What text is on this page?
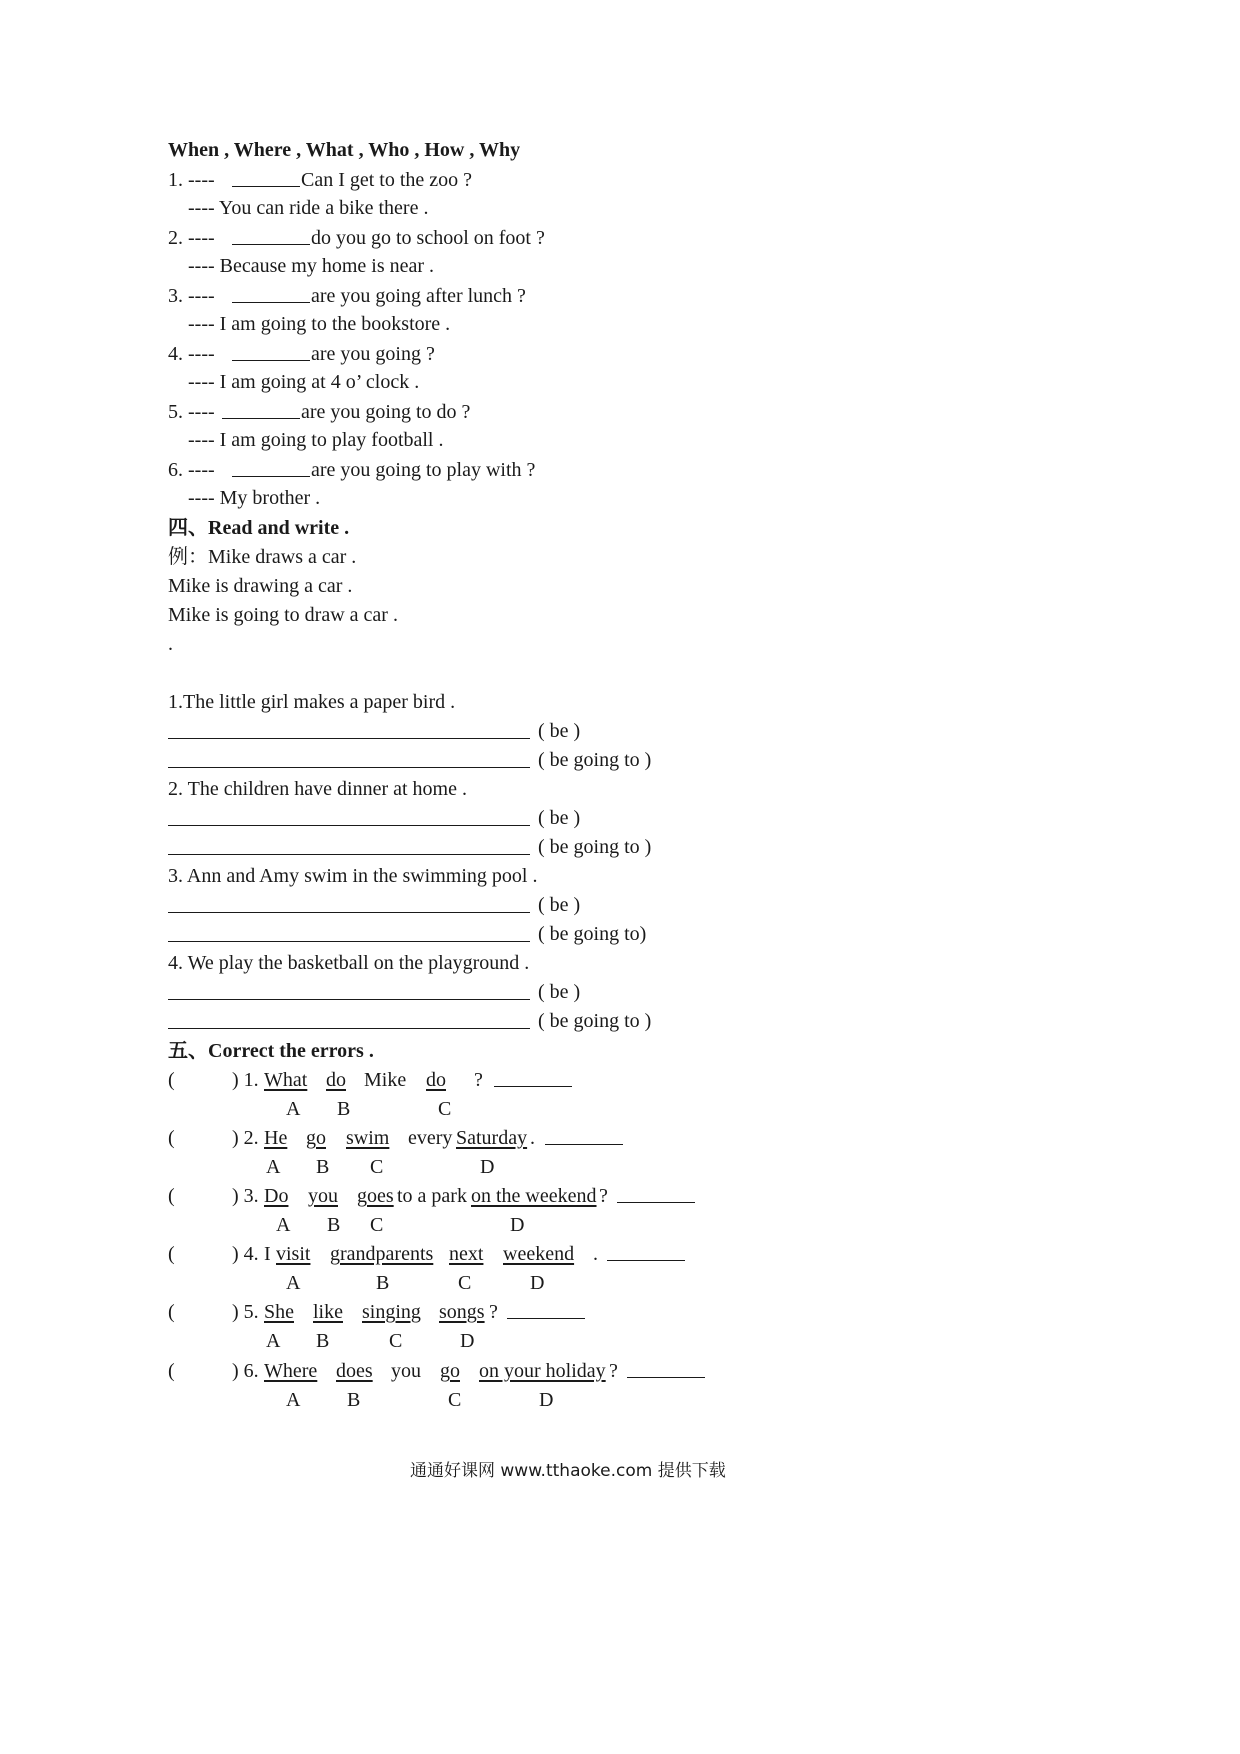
When , Where , What , Who , How , Why
1. ----	Can I get to the zoo ?
---- You can ride a bike there .
2. ----	do you go to school on foot ?
---- Because my home is near .
3. ----	are you going after lunch ?
---- I am going to the bookstore .
4. ----	are you going ?
---- I am going at 4 o’ clock .
5. ----	are you going to do ?
---- I am going to play football .
6. ----	are you going to play with ?
---- My brother .
四、Read and write .
例：Mike draws a car .
Mike is drawing a car .
Mike is going to draw a car .
.
1.The little girl makes a paper bird .
( be )
( be going to )
2. The children have dinner at home .
( be )
( be going to )
3. Ann and Amy swim in the swimming pool .
( be )
( be going to)
4. We play the basketball on the playground .
( be )
( be going to )
五、Correct the errors .
(	) 1. What do Mike do ?
A B	C
(	) 2. He go swim every Saturday .
A B C	D
(	) 3. Do you goes to a park on the weekend ?
A B C	D
(	) 4. I visit grandparents next weekend .
A	B	C	D
(	) 5. She like singing songs ?
A B	C	D
(	) 6. Where does you go on your holiday ?
A B	C	D
通通好课网 www.tthaoke.com 提供下载
